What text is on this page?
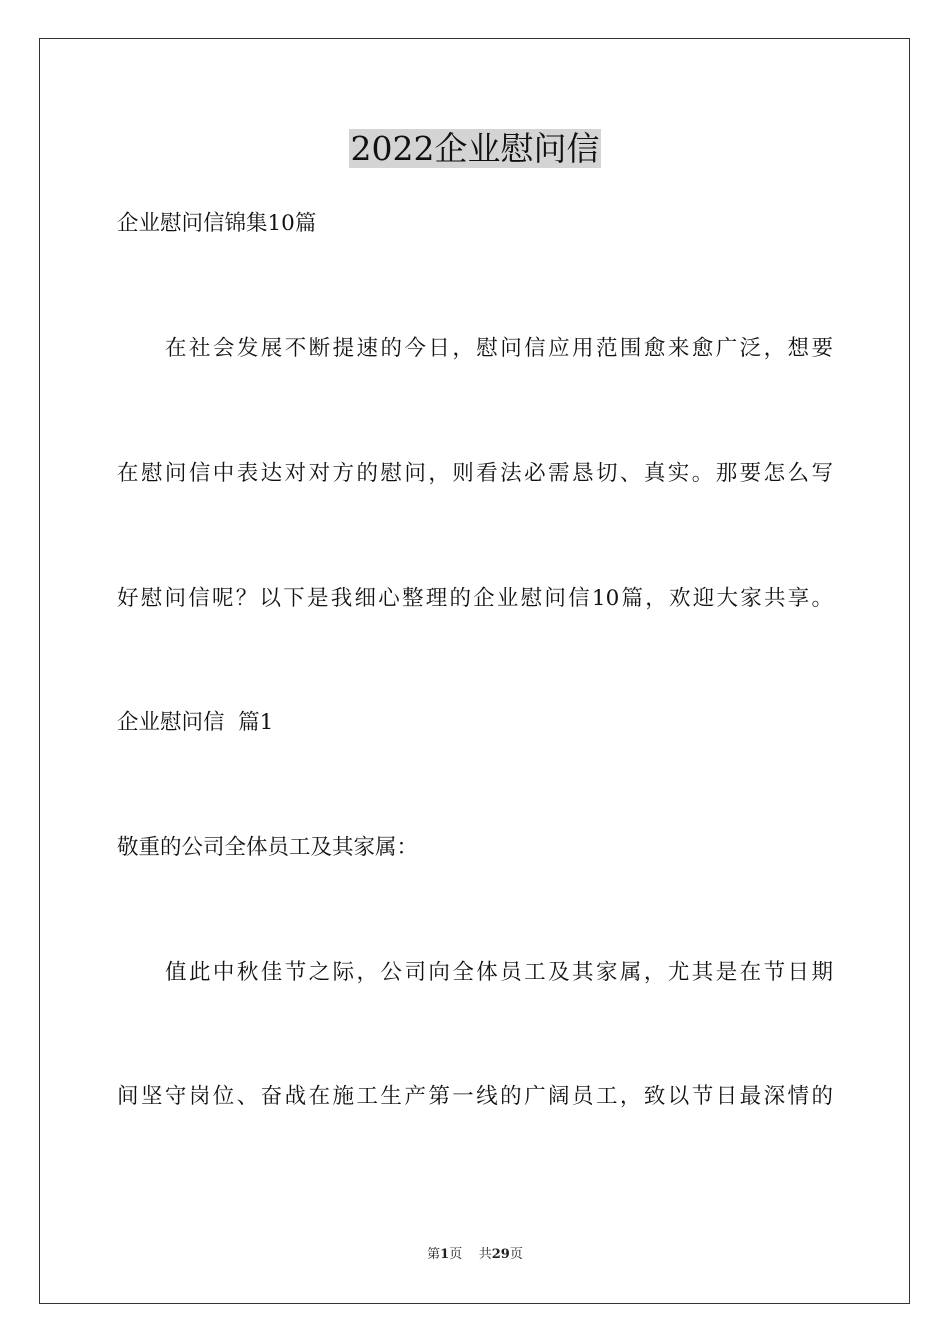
2022企业慰问信
企业慰问信锦集10篇
在社会发展不断提速的今日，慰问信应用范围愈来愈广泛，想要
在慰问信中表达对对方的慰问，则看法必需恳切、真实。那要怎么写
好慰问信呢？以下是我细心整理的企业慰问信10篇，欢迎大家共享。
企业慰问信  篇1
敬重的公司全体员工及其家属：
值此中秋佳节之际，公司向全体员工及其家属，尤其是在节日期
间坚守岗位、奋战在施工生产第一线的广阔员工，致以节日最深情的
第1页    共29页
